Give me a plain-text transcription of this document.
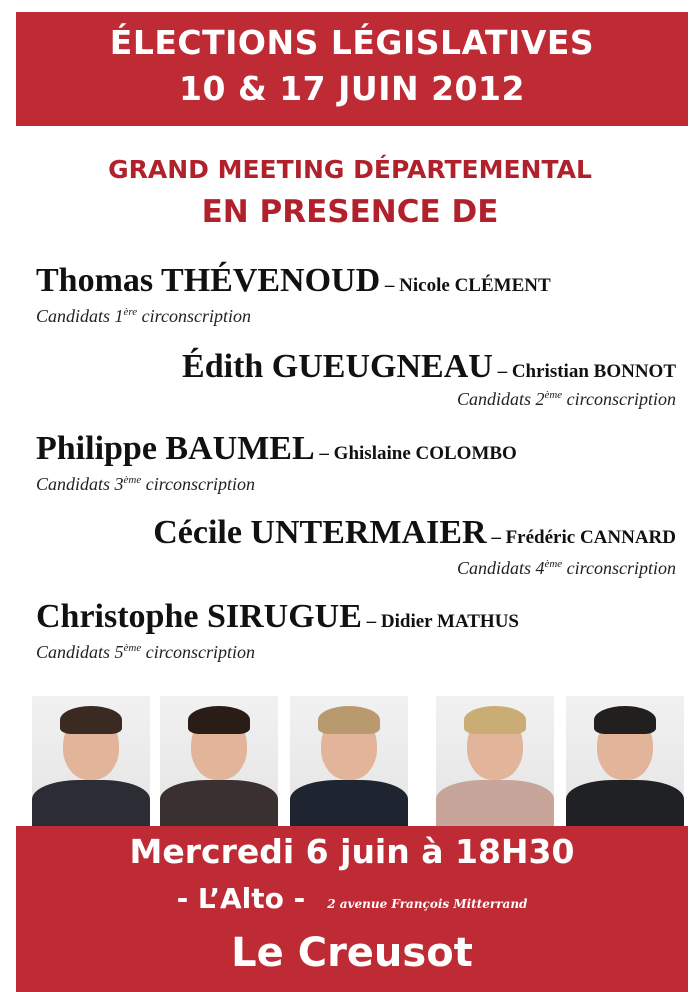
ÉLECTIONS LÉGISLATIVES
10 & 17 JUIN 2012
GRAND MEETING DÉPARTEMENTAL
EN PRESENCE DE
Thomas THÉVENOUD – Nicole CLÉMENT
Candidats 1ère circonscription
Édith GUEUGNEAU – Christian BONNOT
Candidats 2ème circonscription
Philippe BAUMEL – Ghislaine COLOMBO
Candidats 3ème circonscription
Cécile UNTERMAIER – Frédéric CANNARD
Candidats 4ème circonscription
Christophe SIRUGUE – Didier MATHUS
Candidats 5ème circonscription
Mercredi 6 juin à 18H30
- L’Alto - 2 avenue François Mitterrand
Le Creusot
